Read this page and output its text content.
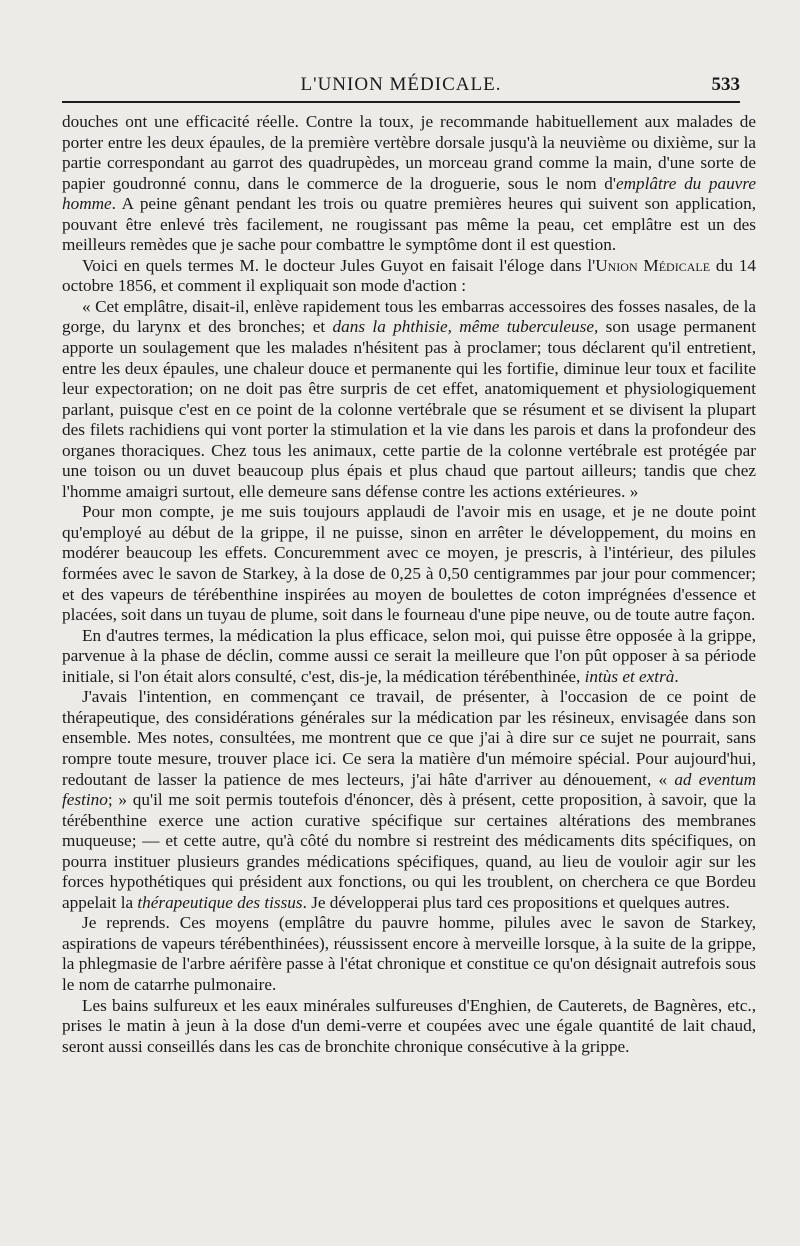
L'UNION MÉDICALE.	533

douches ont une efficacité réelle. Contre la toux, je recommande habituellement aux malades de porter entre les deux épaules, de la première vertèbre dorsale jusqu'à la neuvième ou dixième, sur la partie correspondant au garrot des quadrupèdes, un morceau grand comme la main, d'une sorte de papier goudronné connu, dans le commerce de la droguerie, sous le nom d'emplâtre du pauvre homme. A peine gênant pendant les trois ou quatre premières heures qui suivent son application, pouvant être enlevé très facilement, ne rougissant pas même la peau, cet emplâtre est un des meilleurs remèdes que je sache pour combattre le symptôme dont il est question.

Voici en quels termes M. le docteur Jules Guyot en faisait l'éloge dans l'Union Médicale du 14 octobre 1856, et comment il expliquait son mode d'action :

« Cet emplâtre, disait-il, enlève rapidement tous les embarras accessoires des fosses nasales, de la gorge, du larynx et des bronches; et dans la phthisie, même tuberculeuse, son usage permanent apporte un soulagement que les malades n'hésitent pas à proclamer; tous déclarent qu'il entretient, entre les deux épaules, une chaleur douce et permanente qui les fortifie, diminue leur toux et facilite leur expectoration; on ne doit pas être surpris de cet effet, anatomiquement et physiologiquement parlant, puisque c'est en ce point de la colonne vertébrale que se résument et se divisent la plupart des filets rachidiens qui vont porter la stimulation et la vie dans les parois et dans la profondeur des organes thoraciques. Chez tous les animaux, cette partie de la colonne vertébrale est protégée par une toison ou un duvet beaucoup plus épais et plus chaud que partout ailleurs; tandis que chez l'homme amaigri surtout, elle demeure sans défense contre les actions extérieures. »

Pour mon compte, je me suis toujours applaudi de l'avoir mis en usage, et je ne doute point qu'employé au début de la grippe, il ne puisse, sinon en arrêter le développement, du moins en modérer beaucoup les effets. Concuremment avec ce moyen, je prescris, à l'intérieur, des pilules formées avec le savon de Starkey, à la dose de 0,25 à 0,50 centigrammes par jour pour commencer; et des vapeurs de térébenthine inspirées au moyen de boulettes de coton imprégnées d'essence et placées, soit dans un tuyau de plume, soit dans le fourneau d'une pipe neuve, ou de toute autre façon.

En d'autres termes, la médication la plus efficace, selon moi, qui puisse être opposée à la grippe, parvenue à la phase de déclin, comme aussi ce serait la meilleure que l'on pût opposer à sa période initiale, si l'on était alors consulté, c'est, dis-je, la médication térébenthinée, intùs et extrà.

J'avais l'intention, en commençant ce travail, de présenter, à l'occasion de ce point de thérapeutique, des considérations générales sur la médication par les résineux, envisagée dans son ensemble. Mes notes, consultées, me montrent que ce que j'ai à dire sur ce sujet ne pourrait, sans rompre toute mesure, trouver place ici. Ce sera la matière d'un mémoire spécial. Pour aujourd'hui, redoutant de lasser la patience de mes lecteurs, j'ai hâte d'arriver au dénouement, « ad eventum festino; » qu'il me soit permis toutefois d'énoncer, dès à présent, cette proposition, à savoir, que la térébenthine exerce une action curative spécifique sur certaines altérations des membranes muqueuse; — et cette autre, qu'à côté du nombre si restreint des médicaments dits spécifiques, on pourra instituer plusieurs grandes médications spécifiques, quand, au lieu de vouloir agir sur les forces hypothétiques qui président aux fonctions, ou qui les troublent, on cherchera ce que Bordeu appelait la thérapeutique des tissus. Je développerai plus tard ces propositions et quelques autres.

Je reprends. Ces moyens (emplâtre du pauvre homme, pilules avec le savon de Starkey, aspirations de vapeurs térébenthinées), réussissent encore à merveille lorsque, à la suite de la grippe, la phlegmasie de l'arbre aérifère passe à l'état chronique et constitue ce qu'on désignait autrefois sous le nom de catarrhe pulmonaire.

Les bains sulfureux et les eaux minérales sulfureuses d'Enghien, de Cauterets, de Bagnères, etc., prises le matin à jeun à la dose d'un demi-verre et coupées avec une égale quantité de lait chaud, seront aussi conseillés dans les cas de bronchite chronique consécutive à la grippe.
